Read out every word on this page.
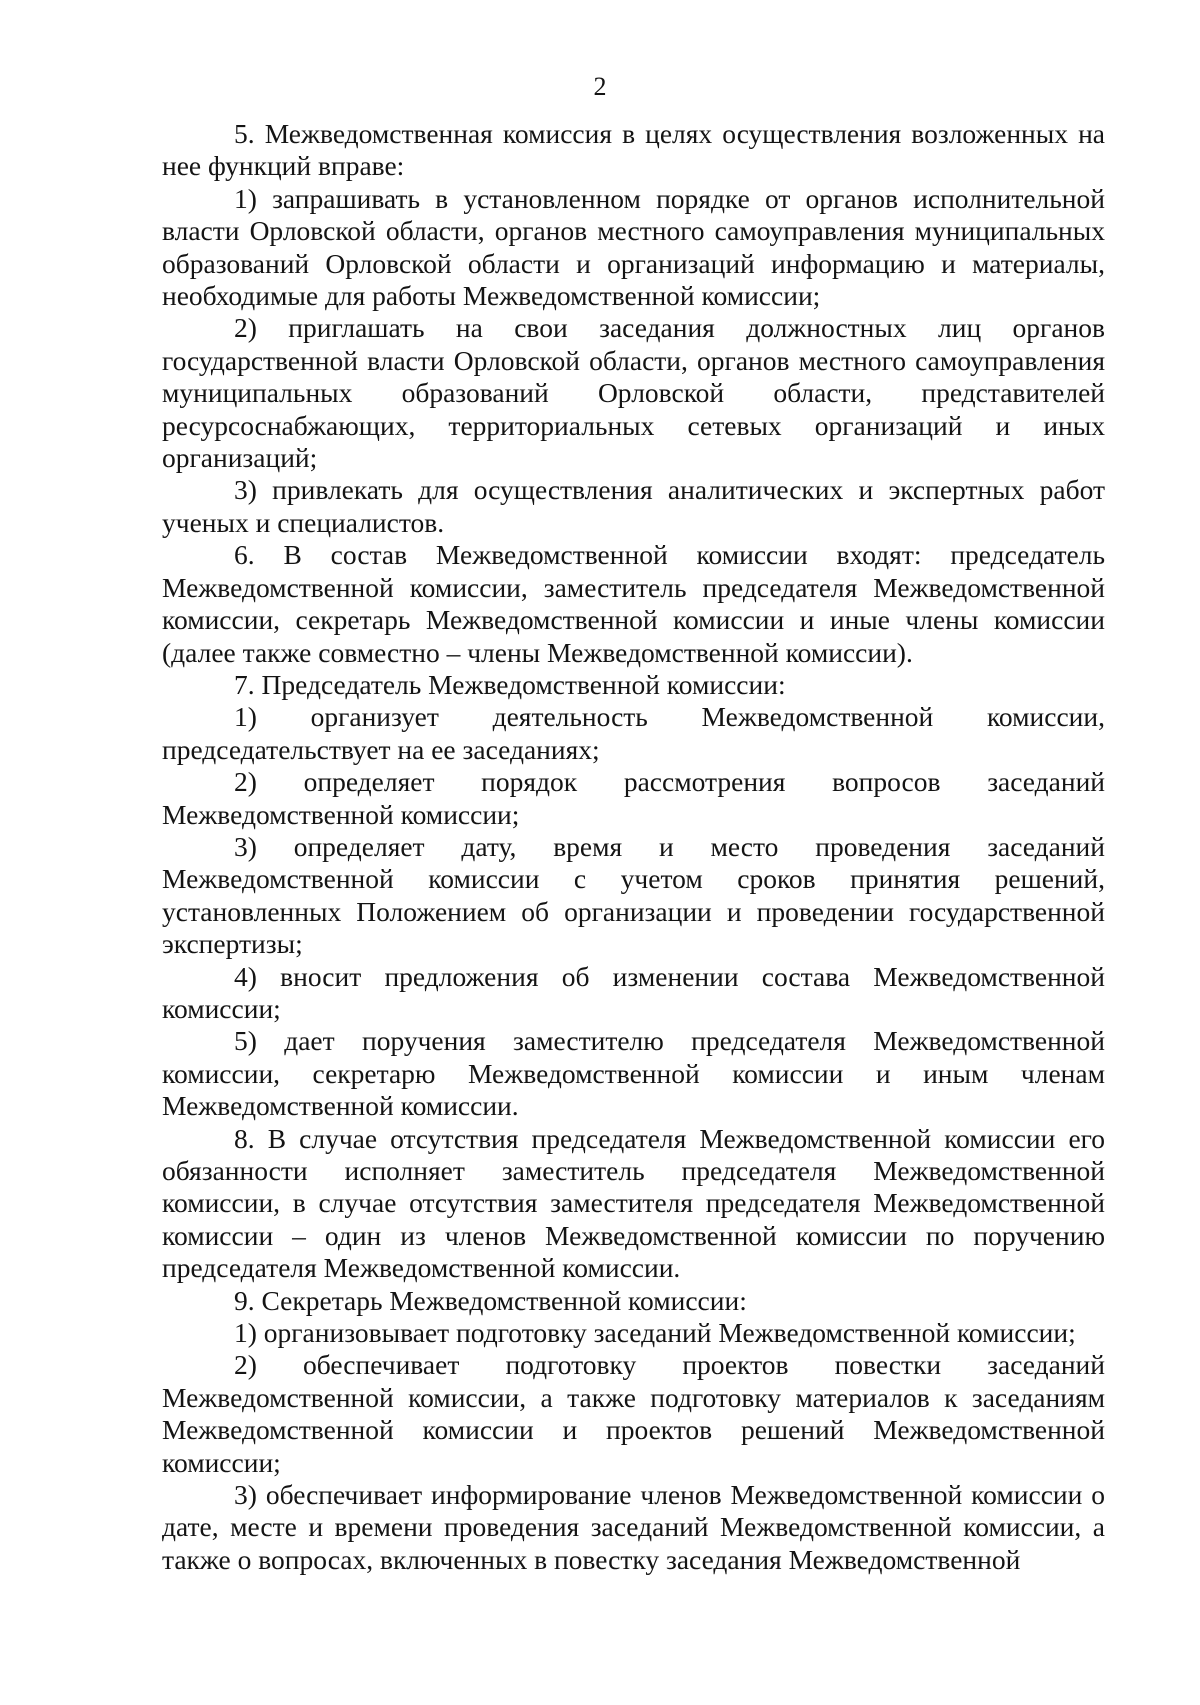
2

5. Межведомственная комиссия в целях осуществления возложенных на нее функций вправе:

1) запрашивать в установленном порядке от органов исполнительной власти Орловской области, органов местного самоуправления муниципальных образований Орловской области и организаций информацию и материалы, необходимые для работы Межведомственной комиссии;

2) приглашать на свои заседания должностных лиц органов государственной власти Орловской области, органов местного самоуправления муниципальных образований Орловской области, представителей ресурсоснабжающих, территориальных сетевых организаций и иных организаций;

3) привлекать для осуществления аналитических и экспертных работ ученых и специалистов.

6. В состав Межведомственной комиссии входят: председатель Межведомственной комиссии, заместитель председателя Межведомственной комиссии, секретарь Межведомственной комиссии и иные члены комиссии (далее также совместно – члены Межведомственной комиссии).

7. Председатель Межведомственной комиссии:

1) организует деятельность Межведомственной комиссии, председательствует на ее заседаниях;

2) определяет порядок рассмотрения вопросов заседаний Межведомственной комиссии;

3) определяет дату, время и место проведения заседаний Межведомственной комиссии с учетом сроков принятия решений, установленных Положением об организации и проведении государственной экспертизы;

4) вносит предложения об изменении состава Межведомственной комиссии;

5) дает поручения заместителю председателя Межведомственной комиссии, секретарю Межведомственной комиссии и иным членам Межведомственной комиссии.

8. В случае отсутствия председателя Межведомственной комиссии его обязанности исполняет заместитель председателя Межведомственной комиссии, в случае отсутствия заместителя председателя Межведомственной комиссии – один из членов Межведомственной комиссии по поручению председателя Межведомственной комиссии.

9. Секретарь Межведомственной комиссии:

1) организовывает подготовку заседаний Межведомственной комиссии;

2) обеспечивает подготовку проектов повестки заседаний Межведомственной комиссии, а также подготовку материалов к заседаниям Межведомственной комиссии и проектов решений Межведомственной комиссии;

3) обеспечивает информирование членов Межведомственной комиссии о дате, месте и времени проведения заседаний Межведомственной комиссии, а также о вопросах, включенных в повестку заседания Межведомственной
